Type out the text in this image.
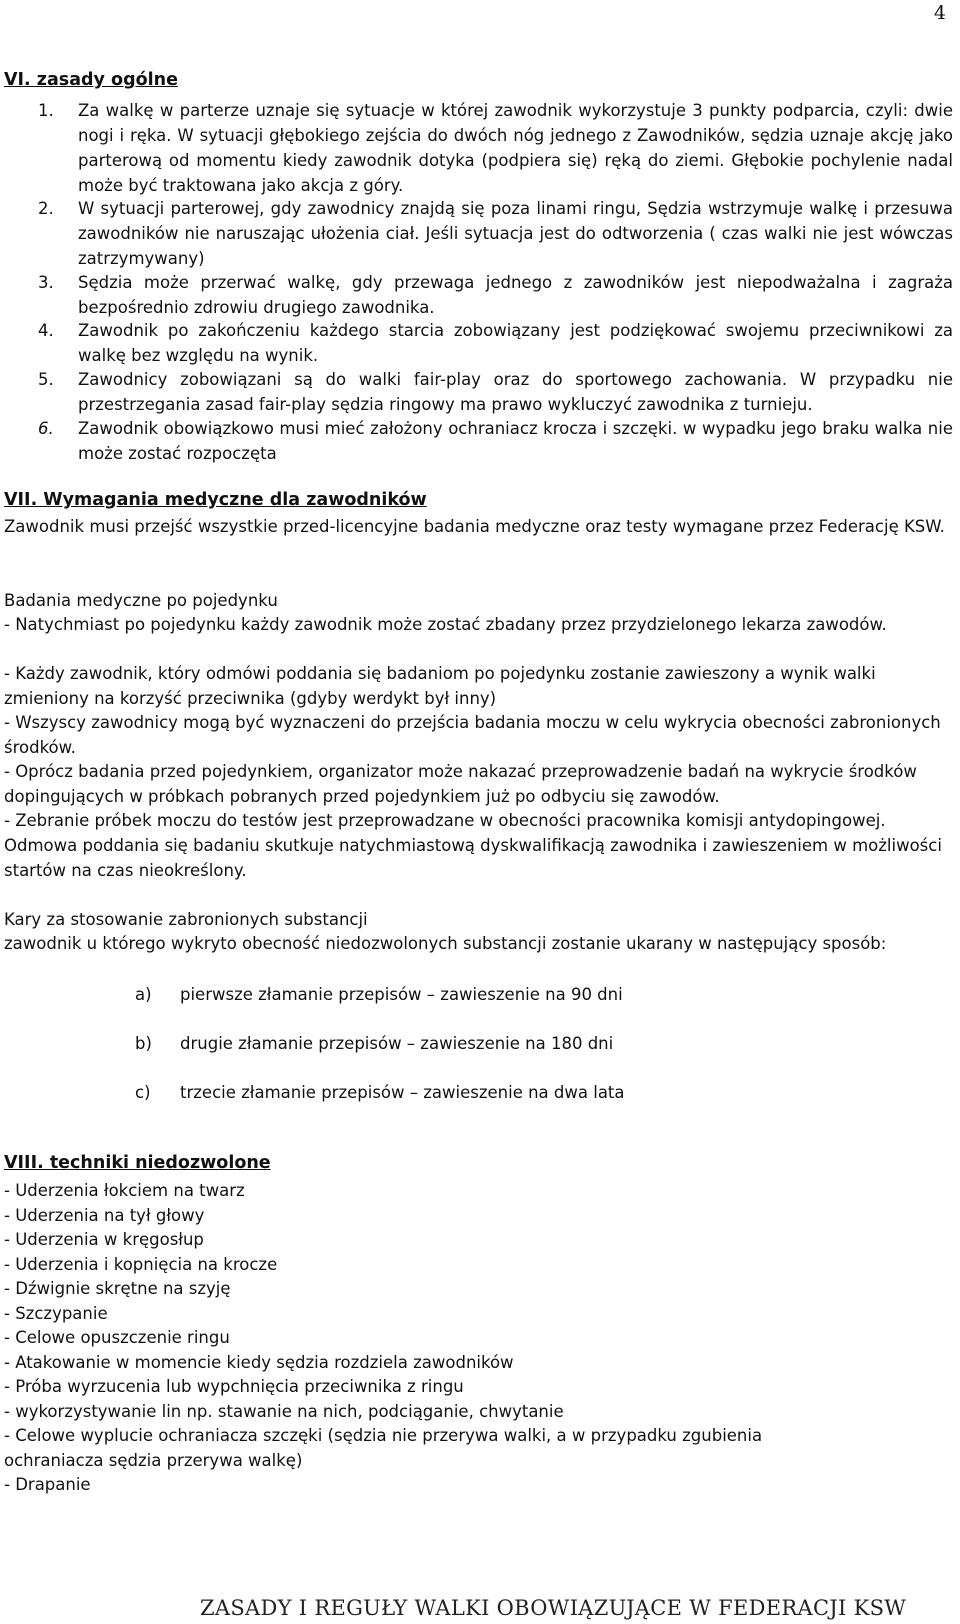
4
VI. zasady ogólne
1. Za walkę w parterze uznaje się sytuacje w której zawodnik wykorzystuje 3 punkty podparcia, czyli: dwie nogi i ręka. W sytuacji głębokiego zejścia do dwóch nóg jednego z Zawodników, sędzia uznaje akcję jako parterową od momentu kiedy zawodnik dotyka (podpiera się) ręką do ziemi. Głębokie pochylenie nadal może być traktowana jako akcja z góry.
2. W sytuacji parterowej, gdy zawodnicy znajdą się poza linami ringu, Sędzia wstrzymuje walkę i przesuwa zawodników nie naruszając ułożenia ciał. Jeśli sytuacja jest do odtworzenia ( czas walki nie jest wówczas zatrzymywany)
3. Sędzia może przerwać walkę, gdy przewaga jednego z zawodników jest niepodważalna i zagraża bezpośrednio zdrowiu drugiego zawodnika.
4. Zawodnik po zakończeniu każdego starcia zobowiązany jest podziękować swojemu przeciwnikowi za walkę bez względu na wynik.
5. Zawodnicy zobowiązani są do walki fair-play oraz do sportowego zachowania. W przypadku nie przestrzegania zasad fair-play sędzia ringowy ma prawo wykluczyć zawodnika z turnieju.
6. Zawodnik obowiązkowo musi mieć założony ochraniacz krocza i szczęki. w wypadku jego braku walka nie może zostać rozpoczęta
VII. Wymagania medyczne dla zawodników
Zawodnik musi przejść wszystkie przed-licencyjne badania medyczne oraz testy wymagane przez Federację KSW.
Badania medyczne po pojedynku
- Natychmiast po pojedynku każdy zawodnik może zostać zbadany przez przydzielonego lekarza zawodów.
- Każdy zawodnik, który odmówi poddania się badaniom po pojedynku zostanie zawieszony a wynik walki zmieniony na korzyść przeciwnika (gdyby werdykt był inny)
- Wszyscy zawodnicy mogą być wyznaczeni do przejścia badania moczu w celu wykrycia obecności zabronionych środków.
- Oprócz badania przed pojedynkiem, organizator może nakazać przeprowadzenie badań na wykrycie środków dopingujących w próbkach pobranych przed pojedynkiem już po odbyciu się zawodów.
- Zebranie próbek moczu do testów jest przeprowadzane w obecności pracownika komisji antydopingowej. Odmowa poddania się badaniu skutkuje natychmiastową dyskwalifikacją zawodnika i zawieszeniem w możliwości startów na czas nieokreślony.
Kary za stosowanie zabronionych substancji
zawodnik u którego wykryto obecność niedozwolonych substancji zostanie ukarany w następujący sposób:
a) pierwsze złamanie przepisów – zawieszenie na 90 dni
b) drugie złamanie przepisów – zawieszenie na 180 dni
c) trzecie złamanie przepisów – zawieszenie na dwa lata
VIII. techniki niedozwolone
- Uderzenia łokciem na twarz
- Uderzenia na tył głowy
- Uderzenia w kręgosłup
- Uderzenia i kopnięcia na krocze
- Dźwignie skrętne na szyję
- Szczypanie
- Celowe opuszczenie ringu
- Atakowanie w momencie kiedy sędzia rozdziela zawodników
- Próba wyrzucenia lub wypchnięcia przeciwnika z ringu
- wykorzystywanie lin np. stawanie na nich, podciąganie, chwytanie
- Celowe wyplucie ochraniacza szczęki (sędzia nie przerywa walki, a w przypadku zgubienia ochraniacza sędzia przerywa walkę)
- Drapanie
ZASADY I REGUŁY WALKI OBOWIĄZUJĄCE W FEDERACJI KSW
